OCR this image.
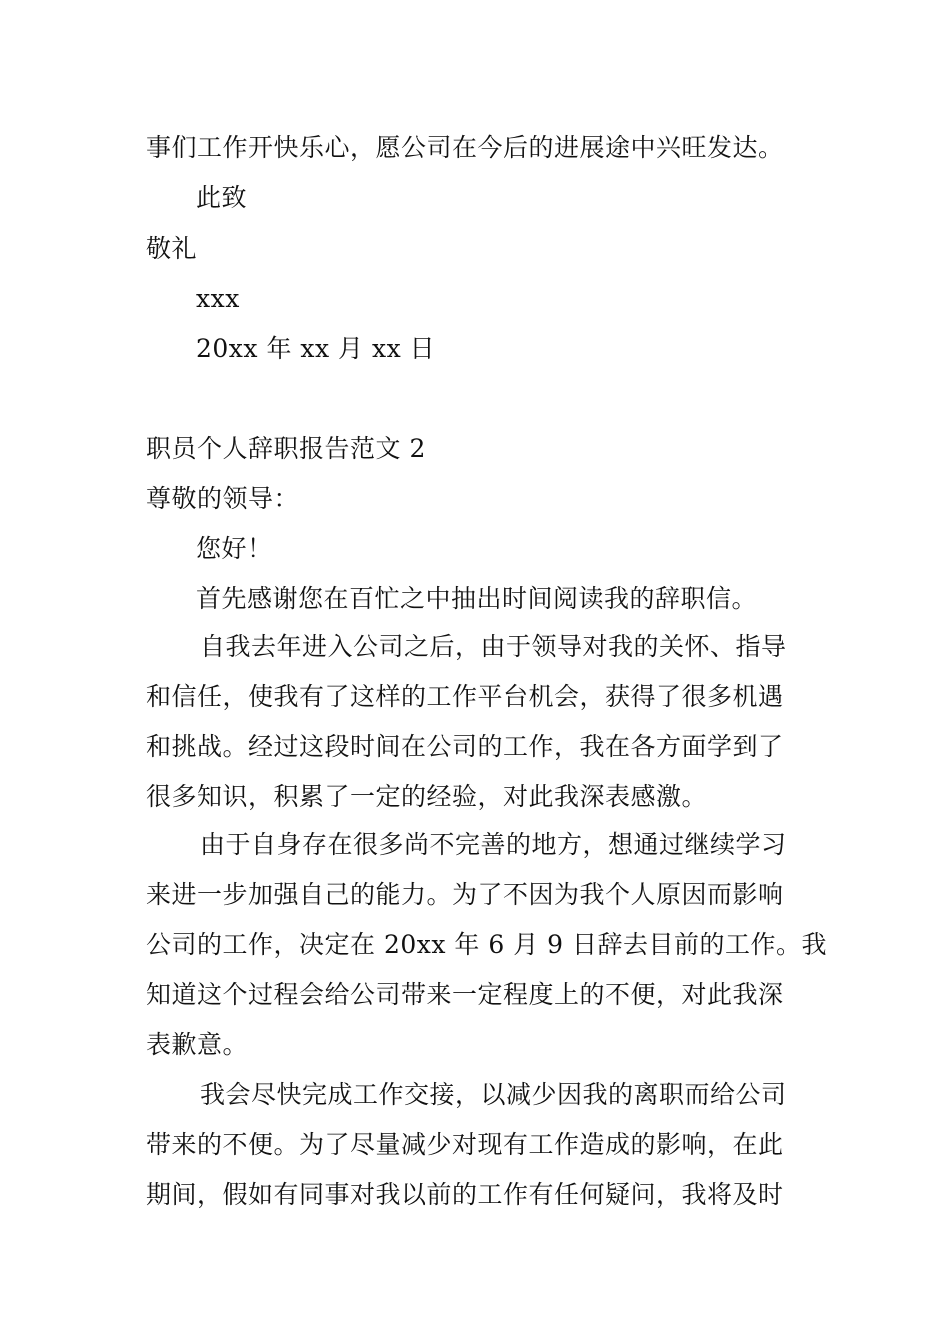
事们工作开快乐心，愿公司在今后的进展途中兴旺发达。
此致
敬礼
xxx
20xx 年 xx 月 xx 日
职员个人辞职报告范文 2
尊敬的领导：
您好！
首先感谢您在百忙之中抽出时间阅读我的辞职信。
自我去年进入公司之后，由于领导对我的关怀、指导
和信任，使我有了这样的工作平台机会，获得了很多机遇
和挑战。经过这段时间在公司的工作，我在各方面学到了
很多知识，积累了一定的经验，对此我深表感激。
由于自身存在很多尚不完善的地方，想通过继续学习
来进一步加强自己的能力。为了不因为我个人原因而影响
公司的工作，决定在 20xx 年 6 月 9 日辞去目前的工作。我
知道这个过程会给公司带来一定程度上的不便，对此我深
表歉意。
我会尽快完成工作交接，以减少因我的离职而给公司
带来的不便。为了尽量减少对现有工作造成的影响，在此
期间，假如有同事对我以前的工作有任何疑问，我将及时
